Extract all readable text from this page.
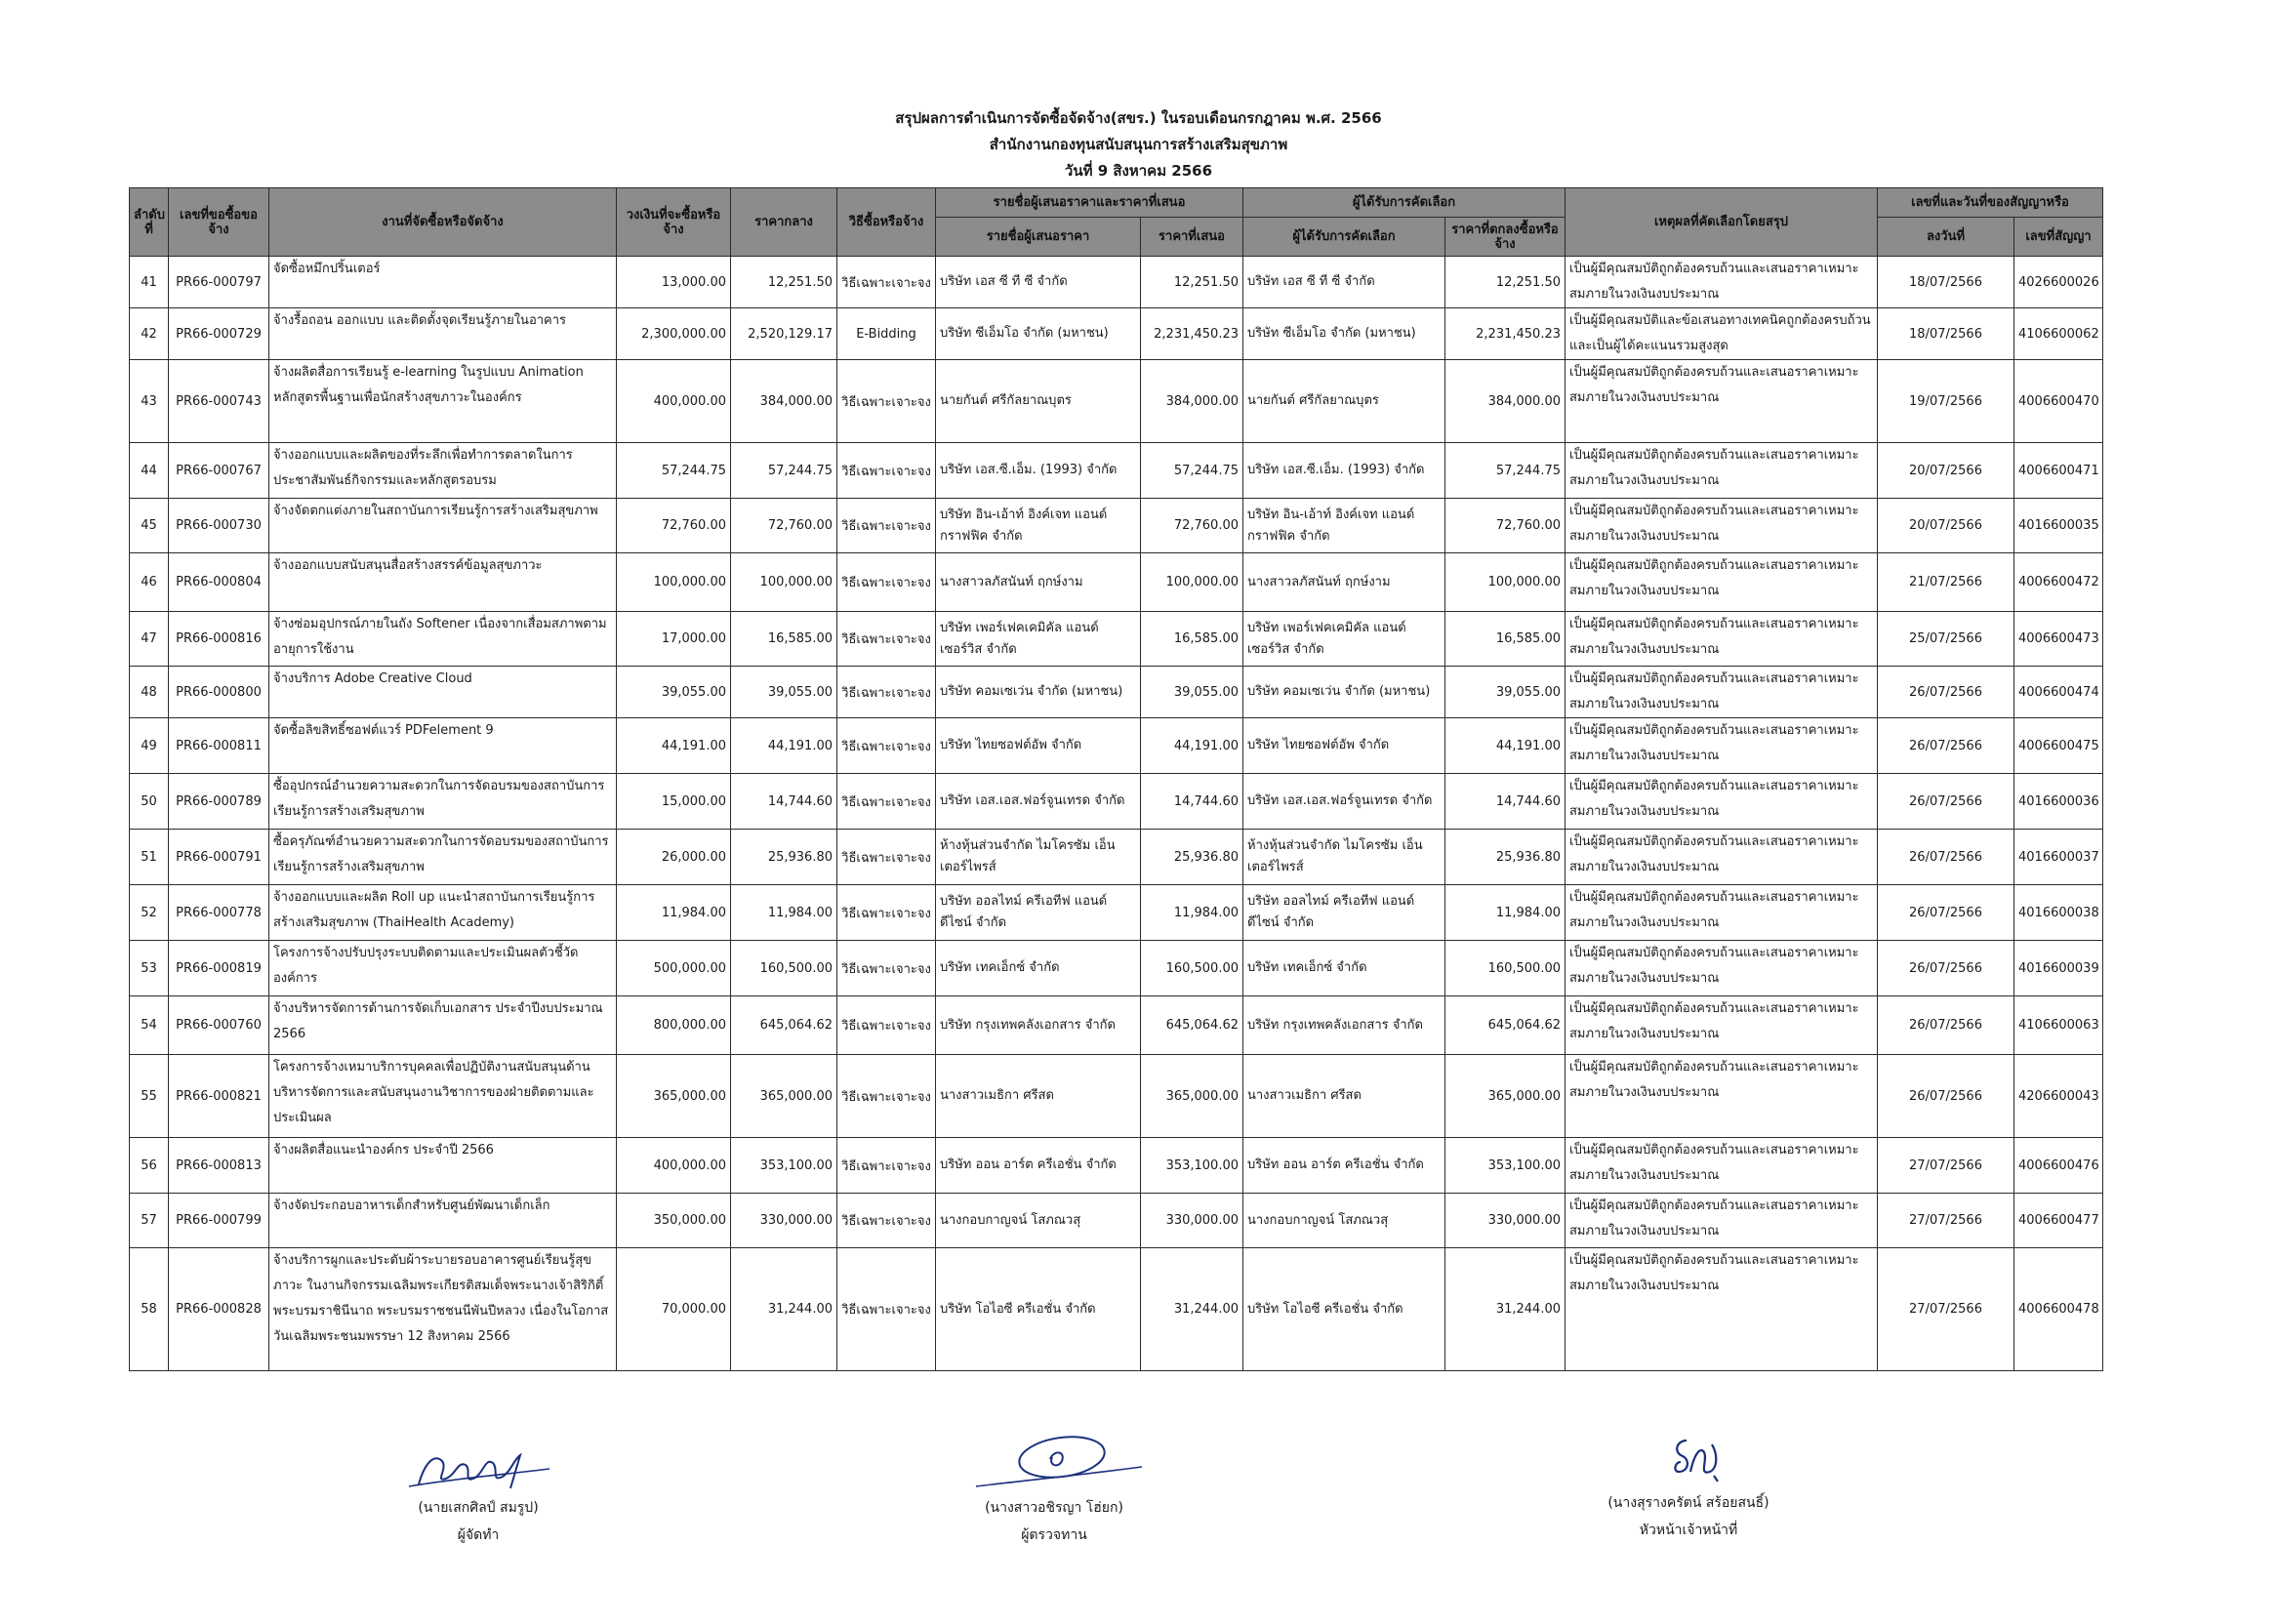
สรุปผลการดำเนินการจัดซื้อจัดจ้าง(สขร.) ในรอบเดือนกรกฎาคม พ.ศ. 2566
สำนักงานกองทุนสนับสนุนการสร้างเสริมสุขภาพ
วันที่ 9 สิงหาคม 2566
ลำดับที่	เลขที่ขอซื้อขอจ้าง	งานที่จัดซื้อหรือจัดจ้าง	วงเงินที่จะซื้อหรือจ้าง	ราคากลาง	วิธีซื้อหรือจ้าง	รายชื่อผู้เสนอราคาและราคาที่เสนอ		ผู้ได้รับการคัดเลือก		เหตุผลที่คัดเลือกโดยสรุป	เลขที่และวันที่ของสัญญาหรือ	
						รายชื่อผู้เสนอราคา	ราคาที่เสนอ	ผู้ได้รับการคัดเลือก	ราคาที่ตกลงซื้อหรือจ้าง		ลงวันที่	เลขที่สัญญา
41	PR66-000797	จัดซื้อหมึกปริ้นเตอร์	13,000.00	12,251.50	วิธีเฉพาะเจาะจง	บริษัท เอส ซี ที ซี จำกัด	12,251.50	บริษัท เอส ซี ที ซี จำกัด	12,251.50	เป็นผู้มีคุณสมบัติถูกต้องครบถ้วนและเสนอราคาเหมาะสมภายในวงเงินงบประมาณ	18/07/2566	4026600026
42	PR66-000729	จ้างรื้อถอน ออกแบบ และติดตั้งจุดเรียนรู้ภายในอาคาร	2,300,000.00	2,520,129.17	E-Bidding	บริษัท ซีเอ็มโอ จำกัด (มหาชน)	2,231,450.23	บริษัท ซีเอ็มโอ จำกัด (มหาชน)	2,231,450.23	เป็นผู้มีคุณสมบัติและข้อเสนอทางเทคนิคถูกต้องครบถ้วนและเป็นผู้ได้คะแนนรวมสูงสุด	18/07/2566	4106600062
43	PR66-000743	จ้างผลิตสื่อการเรียนรู้ e-learning ในรูปแบบ Animation หลักสูตรพื้นฐานเพื่อนักสร้างสุขภาวะในองค์กร	400,000.00	384,000.00	วิธีเฉพาะเจาะจง	นายกันต์ ศรีกัลยาณบุตร	384,000.00	นายกันต์ ศรีกัลยาณบุตร	384,000.00	เป็นผู้มีคุณสมบัติถูกต้องครบถ้วนและเสนอราคาเหมาะสมภายในวงเงินงบประมาณ	19/07/2566	4006600470
44	PR66-000767	จ้างออกแบบและผลิตของที่ระลึกเพื่อทำการตลาดในการประชาสัมพันธ์กิจกรรมและหลักสูตรอบรม	57,244.75	57,244.75	วิธีเฉพาะเจาะจง	บริษัท เอส.ซี.เอ็ม. (1993) จำกัด	57,244.75	บริษัท เอส.ซี.เอ็ม. (1993) จำกัด	57,244.75	เป็นผู้มีคุณสมบัติถูกต้องครบถ้วนและเสนอราคาเหมาะสมภายในวงเงินงบประมาณ	20/07/2566	4006600471
45	PR66-000730	จ้างจัดตกแต่งภายในสถาบันการเรียนรู้การสร้างเสริมสุขภาพ	72,760.00	72,760.00	วิธีเฉพาะเจาะจง	บริษัท อิน-เอ้าท์ อิงค์เจท แอนด์ กราฟฟิค จำกัด	72,760.00	บริษัท อิน-เอ้าท์ อิงค์เจท แอนด์ กราฟฟิค จำกัด	72,760.00	เป็นผู้มีคุณสมบัติถูกต้องครบถ้วนและเสนอราคาเหมาะสมภายในวงเงินงบประมาณ	20/07/2566	4016600035
46	PR66-000804	จ้างออกแบบสนับสนุนสื่อสร้างสรรค์ข้อมูลสุขภาวะ	100,000.00	100,000.00	วิธีเฉพาะเจาะจง	นางสาวลภัสนันท์ ฤกษ์งาม	100,000.00	นางสาวลภัสนันท์ ฤกษ์งาม	100,000.00	เป็นผู้มีคุณสมบัติถูกต้องครบถ้วนและเสนอราคาเหมาะสมภายในวงเงินงบประมาณ	21/07/2566	4006600472
47	PR66-000816	จ้างซ่อมอุปกรณ์ภายในถัง Softener เนื่องจากเสื่อมสภาพตามอายุการใช้งาน	17,000.00	16,585.00	วิธีเฉพาะเจาะจง	บริษัท เพอร์เฟคเคมิคัล แอนด์ เซอร์วิส จำกัด	16,585.00	บริษัท เพอร์เฟคเคมิคัล แอนด์ เซอร์วิส จำกัด	16,585.00	เป็นผู้มีคุณสมบัติถูกต้องครบถ้วนและเสนอราคาเหมาะสมภายในวงเงินงบประมาณ	25/07/2566	4006600473
48	PR66-000800	จ้างบริการ Adobe Creative Cloud	39,055.00	39,055.00	วิธีเฉพาะเจาะจง	บริษัท คอมเซเว่น จำกัด (มหาชน)	39,055.00	บริษัท คอมเซเว่น จำกัด (มหาชน)	39,055.00	เป็นผู้มีคุณสมบัติถูกต้องครบถ้วนและเสนอราคาเหมาะสมภายในวงเงินงบประมาณ	26/07/2566	4006600474
49	PR66-000811	จัดซื้อลิขสิทธิ์ซอฟต์แวร์ PDFelement 9	44,191.00	44,191.00	วิธีเฉพาะเจาะจง	บริษัท ไทยซอฟต์อัพ จำกัด	44,191.00	บริษัท ไทยซอฟต์อัพ จำกัด	44,191.00	เป็นผู้มีคุณสมบัติถูกต้องครบถ้วนและเสนอราคาเหมาะสมภายในวงเงินงบประมาณ	26/07/2566	4006600475
50	PR66-000789	ซื้ออุปกรณ์อำนวยความสะดวกในการจัดอบรมของสถาบันการเรียนรู้การสร้างเสริมสุขภาพ	15,000.00	14,744.60	วิธีเฉพาะเจาะจง	บริษัท เอส.เอส.ฟอร์จูนเทรด จำกัด	14,744.60	บริษัท เอส.เอส.ฟอร์จูนเทรด จำกัด	14,744.60	เป็นผู้มีคุณสมบัติถูกต้องครบถ้วนและเสนอราคาเหมาะสมภายในวงเงินงบประมาณ	26/07/2566	4016600036
51	PR66-000791	ซื้อครุภัณฑ์อำนวยความสะดวกในการจัดอบรมของสถาบันการเรียนรู้การสร้างเสริมสุขภาพ	26,000.00	25,936.80	วิธีเฉพาะเจาะจง	ห้างหุ้นส่วนจำกัด ไมโครซัม เอ็นเตอร์ไพรส์	25,936.80	ห้างหุ้นส่วนจำกัด ไมโครซัม เอ็นเตอร์ไพรส์	25,936.80	เป็นผู้มีคุณสมบัติถูกต้องครบถ้วนและเสนอราคาเหมาะสมภายในวงเงินงบประมาณ	26/07/2566	4016600037
52	PR66-000778	จ้างออกแบบและผลิต Roll up แนะนำสถาบันการเรียนรู้การสร้างเสริมสุขภาพ (ThaiHealth Academy)	11,984.00	11,984.00	วิธีเฉพาะเจาะจง	บริษัท ออลไทม์ ครีเอทีฟ แอนด์ ดีไซน์ จำกัด	11,984.00	บริษัท ออลไทม์ ครีเอทีฟ แอนด์ ดีไซน์ จำกัด	11,984.00	เป็นผู้มีคุณสมบัติถูกต้องครบถ้วนและเสนอราคาเหมาะสมภายในวงเงินงบประมาณ	26/07/2566	4016600038
53	PR66-000819	โครงการจ้างปรับปรุงระบบติดตามและประเมินผลตัวชี้วัดองค์การ	500,000.00	160,500.00	วิธีเฉพาะเจาะจง	บริษัท เทคเอ็กซ์ จำกัด	160,500.00	บริษัท เทคเอ็กซ์ จำกัด	160,500.00	เป็นผู้มีคุณสมบัติถูกต้องครบถ้วนและเสนอราคาเหมาะสมภายในวงเงินงบประมาณ	26/07/2566	4016600039
54	PR66-000760	จ้างบริหารจัดการด้านการจัดเก็บเอกสาร ประจำปีงบประมาณ 2566	800,000.00	645,064.62	วิธีเฉพาะเจาะจง	บริษัท กรุงเทพคลังเอกสาร จำกัด	645,064.62	บริษัท กรุงเทพคลังเอกสาร จำกัด	645,064.62	เป็นผู้มีคุณสมบัติถูกต้องครบถ้วนและเสนอราคาเหมาะสมภายในวงเงินงบประมาณ	26/07/2566	4106600063
55	PR66-000821	โครงการจ้างเหมาบริการบุคคลเพื่อปฏิบัติงานสนับสนุนด้านบริหารจัดการและสนับสนุนงานวิชาการของฝ่ายติดตามและประเมินผล	365,000.00	365,000.00	วิธีเฉพาะเจาะจง	นางสาวเมธิกา ศรีสด	365,000.00	นางสาวเมธิกา ศรีสด	365,000.00	เป็นผู้มีคุณสมบัติถูกต้องครบถ้วนและเสนอราคาเหมาะสมภายในวงเงินงบประมาณ	26/07/2566	4206600043
56	PR66-000813	จ้างผลิตสื่อแนะนำองค์กร ประจำปี 2566	400,000.00	353,100.00	วิธีเฉพาะเจาะจง	บริษัท ออน อาร์ต ครีเอชั่น จำกัด	353,100.00	บริษัท ออน อาร์ต ครีเอชั่น จำกัด	353,100.00	เป็นผู้มีคุณสมบัติถูกต้องครบถ้วนและเสนอราคาเหมาะสมภายในวงเงินงบประมาณ	27/07/2566	4006600476
57	PR66-000799	จ้างจัดประกอบอาหารเด็กสำหรับศูนย์พัฒนาเด็กเล็ก	350,000.00	330,000.00	วิธีเฉพาะเจาะจง	นางกอบกาญจน์ โสภณวสุ	330,000.00	นางกอบกาญจน์ โสภณวสุ	330,000.00	เป็นผู้มีคุณสมบัติถูกต้องครบถ้วนและเสนอราคาเหมาะสมภายในวงเงินงบประมาณ	27/07/2566	4006600477
58	PR66-000828	จ้างบริการผูกและประดับผ้าระบายรอบอาคารศูนย์เรียนรู้สุขภาวะ ในงานกิจกรรมเฉลิมพระเกียรติสมเด็จพระนางเจ้าสิริกิติ์ พระบรมราชินีนาถ พระบรมราชชนนีพันปีหลวง เนื่องในโอกาสวันเฉลิมพระชนมพรรษา 12 สิงหาคม 2566	70,000.00	31,244.00	วิธีเฉพาะเจาะจง	บริษัท โอไอซี ครีเอชั่น จำกัด	31,244.00	บริษัท โอไอซี ครีเอชั่น จำกัด	31,244.00	เป็นผู้มีคุณสมบัติถูกต้องครบถ้วนและเสนอราคาเหมาะสมภายในวงเงินงบประมาณ	27/07/2566	4006600478
(นายเสกศิลป์ สมรูป)
ผู้จัดทำ
(นางสาวอชิรญา โฮ่ยก)
ผู้ตรวจทาน
(นางสุรางครัตน์ สร้อยสนธิ์)
หัวหน้าเจ้าหน้าที่
